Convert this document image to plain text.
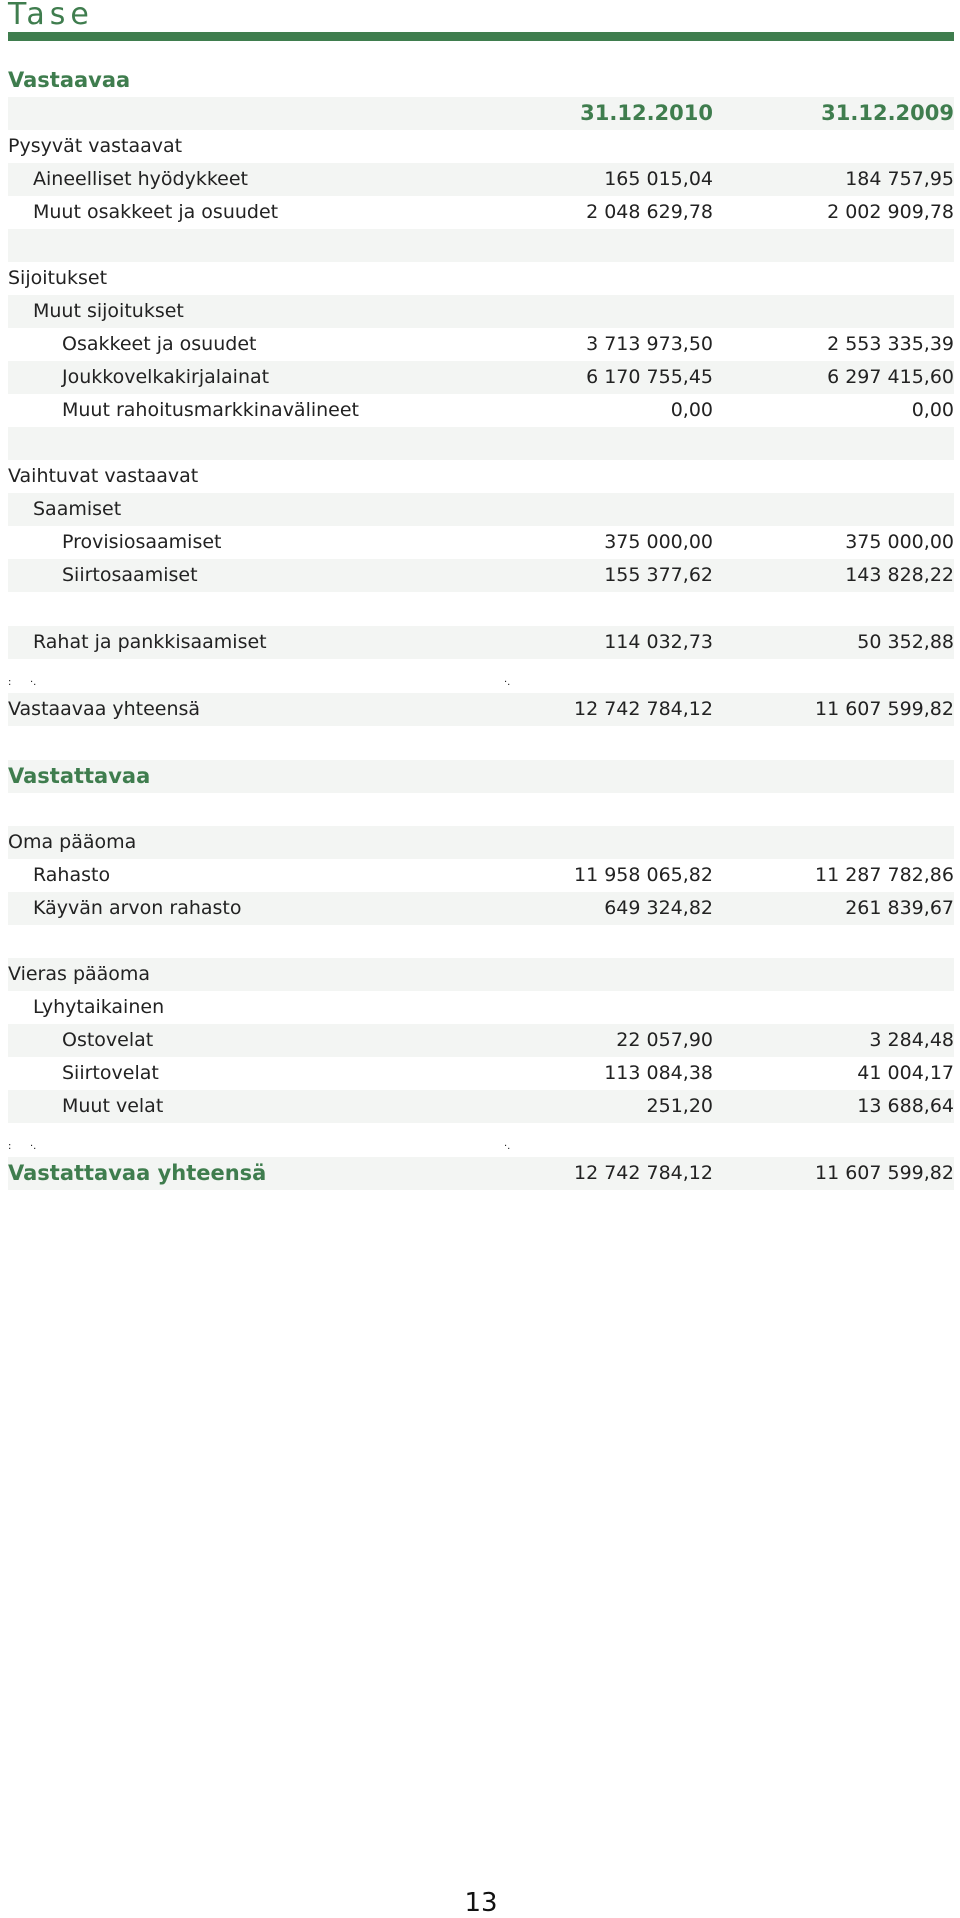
Tase
Vastaavaa
31.12.2010	31.12.2009
Pysyvät vastaavat
Aineelliset hyödykkeet	165 015,04	184 757,95
Muut osakkeet ja osuudet	2 048 629,78	2 002 909,78
Sijoitukset
Muut sijoitukset
Osakkeet ja osuudet	3 713 973,50	2 553 335,39
Joukkovelkakirjalainat	6 170 755,45	6 297 415,60
Muut rahoitusmarkkinavälineet	0,00	0,00
Vaihtuvat vastaavat
Saamiset
Provisiosaamiset	375 000,00	375 000,00
Siirtosaamiset	155 377,62	143 828,22
Rahat ja pankkisaamiset	114 032,73	50 352,88
: ·.	·.
Vastaavaa yhteensä	12 742 784,12	11 607 599,82
Vastattavaa
Oma pääoma
Rahasto	11 958 065,82	11 287 782,86
Käyvän arvon rahasto	649 324,82	261 839,67
Vieras pääoma
Lyhytaikainen
Ostovelat	22 057,90	3 284,48
Siirtovelat	113 084,38	41 004,17
Muut velat	251,20	13 688,64
: ·.	·.
Vastattavaa yhteensä	12 742 784,12	11 607 599,82
13
